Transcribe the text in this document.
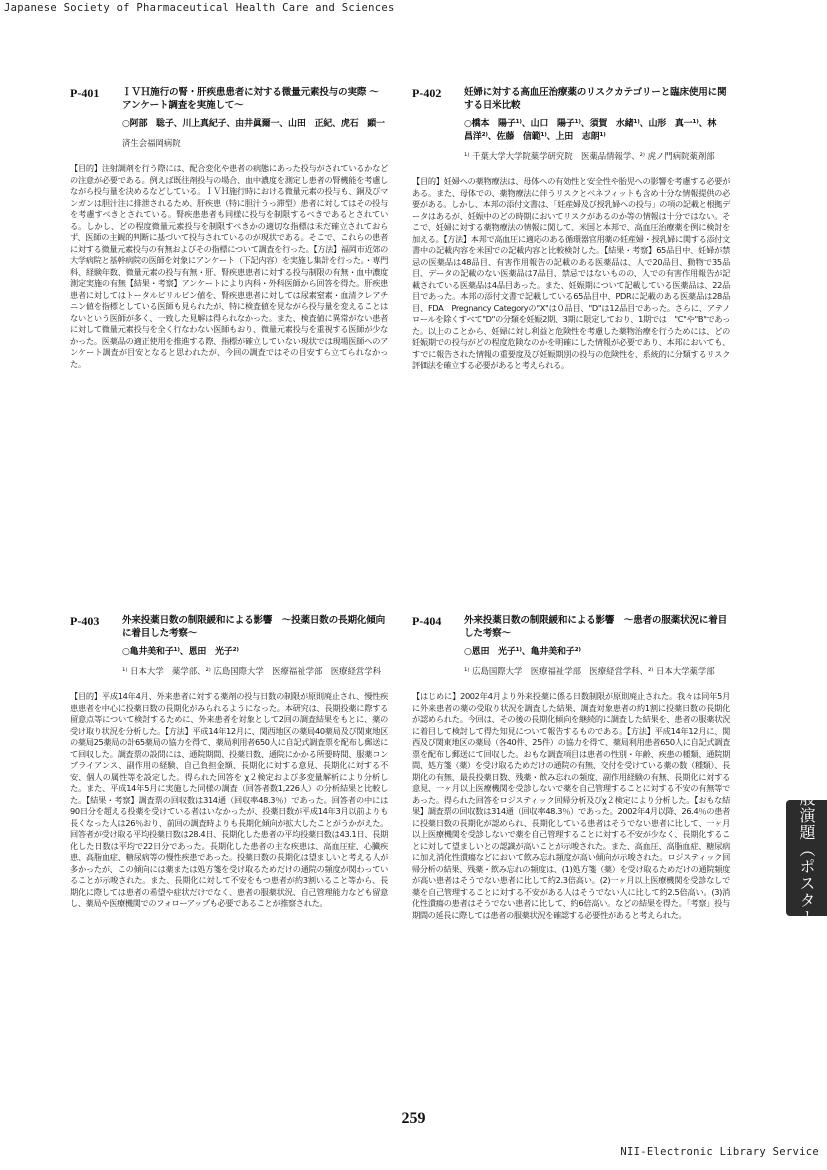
Japanese Society of Pharmaceutical Health Care and Sciences
P-401	ＩＶＨ施行の腎・肝疾患患者に対する微量元素投与の実際 〜アンケート調査を実施して〜
○阿部　聡子、川上真紀子、由井眞爾一、山田　正紀、虎石　顕一
済生会福岡病院
【目的】注射調剤を行う際には、配合変化や患者の病態にあった投与がされているかなどの注意が必要である。例えば既往剤投与の場合、血中濃度を測定し患者の腎機能を考慮しながら投与量を決めるなどしている。ＩＶＨ施行時における微量元素の投与も、銅及びマンガンは胆汁注に排泄されるため、肝疾患（特に胆汁うっ滞型）患者に対してはその投与を考慮すべきとされている。腎疾患患者も同様に投与を制限するべきであるとされている。しかし、どの程度微量元素投与を制限すべきかの適切な指標は未だ確立されておらず、医師の主観的判断に基づいて投与されているのが現状である。そこで、これらの患者に対する微量元素投与の有無およびその指標について調査を行った。【方法】福岡市近郊の大学病院と基幹病院の医師を対象にアンケート（下記内容）を実施し集計を行った。・専門科、経験年数、微量元素の投与有無・肝、腎疾患患者に対する投与制限の有無・血中濃度測定実施の有無【結果・考察】アンケートにより内科・外科医師から回答を得た。肝疾患患者に対してはトータルビリルビン値を、腎疾患患者に対しては尿素窒素・血清クレアチニン値を指標としている医師も見られたが、特に検査値を見ながら投与量を変えることはないという医師が多く、一致した見解は得られなかった。また、検査値に異常がない患者に対して微量元素投与を全く行なわない医師もおり、微量元素投与を重視する医師が少なかった。医薬品の適正使用を推進する際、指標が確立していない現状では現場医師へのアンケート調査が目安となると思われたが、今回の調査ではその目安すら立てられなかった。
P-402	妊婦に対する高血圧治療薬のリスクカテゴリーと臨床使用に関する日米比較
○橋本　陽子¹⁾、山口　陽子¹⁾、須賀　水緒¹⁾、山形　真一¹⁾、林　昌洋²⁾、佐藤　信範¹⁾、上田　志朗¹⁾
¹⁾ 千葉大学大学院薬学研究院　医薬品情報学、²⁾ 虎ノ門病院薬剤部
【目的】妊婦への薬物療法は、母体への有効性と安全性や胎児への影響を考慮する必要がある。また、母体での、薬物療法に伴うリスクとベネフィットも含め十分な情報提供の必要がある。しかし、本邦の添付文書は、「妊産婦及び授乳婦への投与」の項の記載と根拠データはあるが、妊娠中のどの時期においてリスクがあるのか等の情報は十分ではない。そこで、妊婦に対する薬物療法の情報に関して、米国と本邦で、高血圧治療薬を例に検討を加える。【方法】本邦で高血圧に適応のある循環器官用薬の妊産婦・授乳婦に関する添付文書中の記載内容を米国での記載内容と比較検討した。【結果・考察】65品目中、妊婦が禁忌の医薬品は48品目、有害作用報告の記載のある医薬品は、人で20品目、動物で35品目、データの記載のない医薬品は7品目、禁忌ではないものの、人での有害作用報告が記載されている医薬品は4品目あった。また、妊娠期について記載している医薬品は、22品目であった。本邦の添付文書で記載している65品目中、PDRに記載のある医薬品は28品目、FDA　Pregnancy Categoryの"X"は０品目、"D"は12品目であった。さらに、アテノロールを除くすべて"D"の分類を妊娠2期、3期に限定しており、1期では　"C"や"B"であった。以上のことから、妊婦に対し利益と危険性を考慮した薬物治療を行うためには、どの妊娠期での投与がどの程度危険なのかを明確にした情報が必要であり、本邦においても、すでに報告された情報の重要度及び妊娠期別の投与の危険性を、系統的に分類するリスク評価法を確立する必要があると考えられる。
P-403	外来投薬日数の制限緩和による影響　〜投薬日数の長期化傾向に着目した考察〜
○亀井美和子¹⁾、恩田　光子²⁾
¹⁾ 日本大学　薬学部、²⁾ 広島国際大学　医療福祉学部　医療経営学科
【目的】平成14年4月、外来患者に対する薬剤の投与日数の制限が原則廃止され、慢性疾患患者を中心に投薬日数の長期化がみられるようになった。本研究は、長期投薬に際する留意点等について検討するために、外来患者を対象として2回の調査結果をもとに、薬の受け取り状況を分析した。【方法】平成14年12月に、関西地区の薬局40薬局及び関東地区の薬局25薬局の計65薬局の協力を得て、薬局利用者650人に自記式調査票を配布し郵送にて回収した。調査票の設問には、通院期間、投薬日数、通院にかかる所要時間、服薬コンプライアンス、副作用の経験、自己負担金額、長期化に対する意見、長期化に対する不安、個人の属性等を設定した。得られた回答を χ２検定および多変量解析により分析した。また、平成14年5月に実施した同様の調査（回答者数1,226人）の分析結果と比較した。【結果・考察】調査票の回収数は314通（回収率48.3％）であった。回答者の中には90日分を超える投薬を受けている者はいなかったが、投薬日数が平成14年3月以前よりも長くなった人は26％おり、前回の調査時よりも長期化傾向が拡大したことがうかがえた。回答者が受け取る平均投薬日数は28.4日、長期化した患者の平均投薬日数は43.1日、長期化した日数は平均で22日分であった。長期化した患者の主な疾患は、高血圧症、心臓疾患、高脂血症、糖尿病等の慢性疾患であった。投薬日数の長期化は望ましいと考える人が多かったが、この傾向には薬または処方箋を受け取るためだけの通院の頻度が関わっていることが示唆された。また、長期化に対して不安をもつ患者が約3割いること等から、長期化に際しては患者の希望や症状だけでなく、患者の服薬状況、自己管理能力なども留意し、薬局や医療機関でのフォローアップも必要であることが推察された。
P-404	外来投薬日数の制限緩和による影響　〜患者の服薬状況に着目した考察〜
○恩田　光子¹⁾、亀井美和子²⁾
¹⁾ 広島国際大学　医療福祉学部　医療経営学科、²⁾ 日本大学薬学部
【はじめに】2002年4月より外来投薬に係る日数制限が原則廃止された。我々は同年5月に外来患者の薬の受取り状況を調査した結果、調査対象患者の約1割に投薬日数の長期化が認められた。今回は、その後の長期化傾向を継続的に調査した結果を、患者の服薬状況に着目して検討して得た知見について報告するものである。【方法】平成14年12月に、関西及び関東地区の薬局（各40件、25件）の協力を得て、薬局利用患者650人に自記式調査票を配布し郵送にて回収した。おもな調査項目は患者の性別・年齢、疾患の種類、通院期間、処方箋（薬）を受け取るためだけの通院の有無、交付を受けている薬の数（種類）、長期化の有無、最長投薬日数、残薬・飲み忘れの頻度、副作用経験の有無、長期化に対する意見、一ヶ月以上医療機関を受診しないで薬を自己管理することに対する不安の有無等であった。得られた回答をロジスティック回帰分析及びχ２検定により分析した。【おもな結果】調査票の回収数は314通（回収率48.3％）であった。2002年4月以降、26.4％の患者に投薬日数の長期化が認められ、長期化している患者はそうでない患者に比して、一ヶ月以上医療機関を受診しないで薬を自己管理することに対する不安が少なく、長期化することに対して望ましいとの認識が高いことが示唆された。また、高血圧、高脂血症、糖尿病に加え消化性潰瘍などにおいて飲み忘れ頻度が高い傾向が示唆された。ロジスティック回帰分析の結果、残薬・飲み忘れの頻度は、(1)処方箋（薬）を受け取るためだけの通院頻度が高い患者はそうでない患者に比して約2.3倍高い。(2)一ヶ月以上医療機関を受診なしで薬を自己管理することに対する不安がある人はそうでない人に比して約2.5倍高い。(3)消化性潰瘍の患者はそうでない患者に比して、約6倍高い。などの結果を得た。「考察」投与期間の延長に際しては患者の服薬状況を確認する必要性があると考えられた。	一般演題（ポスター）
259
NII-Electronic Library Service
